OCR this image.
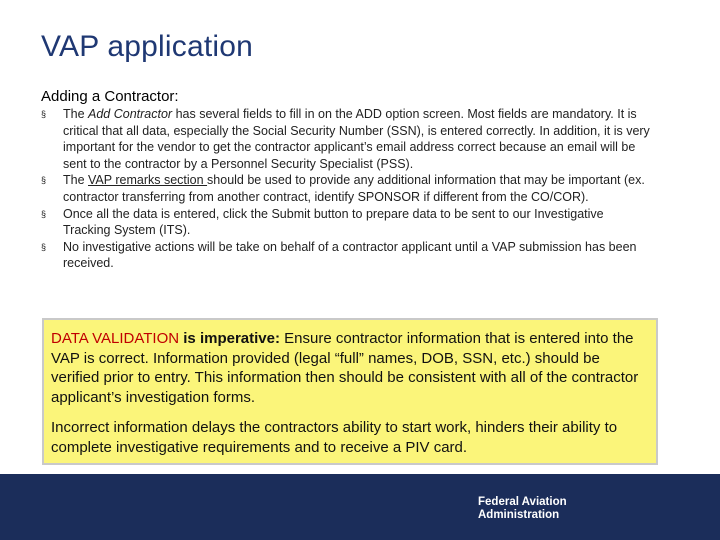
VAP application
Adding a Contractor:
§ The Add Contractor has several fields to fill in on the ADD option screen. Most fields are mandatory. It is critical that all data, especially the Social Security Number (SSN), is entered correctly. In addition, it is very important for the vendor to get the contractor applicant’s email address correct because an email will be sent to the contractor by a Personnel Security Specialist (PSS).
§ The VAP remarks section should be used to provide any additional information that may be important (ex. contractor transferring from another contract, identify SPONSOR if different from the CO/COR).
§ Once all the data is entered, click the Submit button to prepare data to be sent to our Investigative Tracking System (ITS).
§ No investigative actions will be take on behalf of a contractor applicant until a VAP submission has been received.

DATA VALIDATION is imperative: Ensure contractor information that is entered into the VAP is correct. Information provided (legal “full” names, DOB, SSN, etc.) should be verified prior to entry. This information then should be consistent with all of the contractor applicant’s investigation forms.

Incorrect information delays the contractors ability to start work, hinders their ability to complete investigative requirements and to receive a PIV card.

Federal Aviation
Administration
